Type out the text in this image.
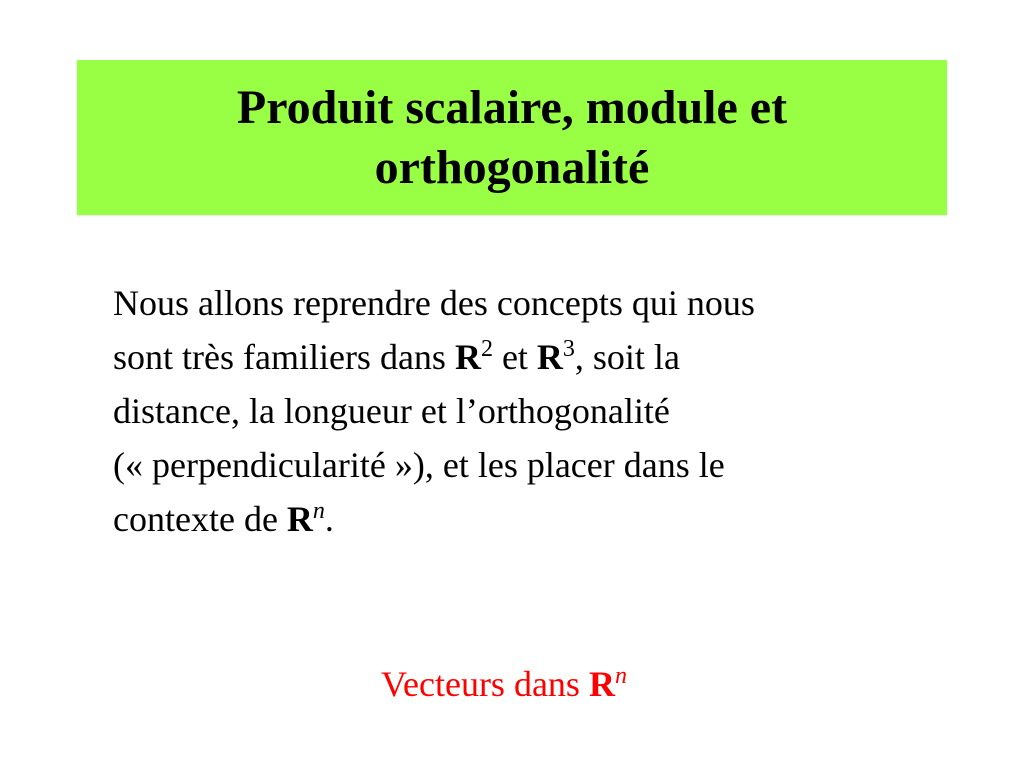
Produit scalaire, module et
orthogonalité
Nous allons reprendre des concepts qui nous
sont très familiers dans $R^2$ et $R^3$, soit la
distance, la longueur et l’orthogonalité
(« perpendicularité »), et les placer dans le
contexte de $R^n$.
Vecteurs dans $R^n$
